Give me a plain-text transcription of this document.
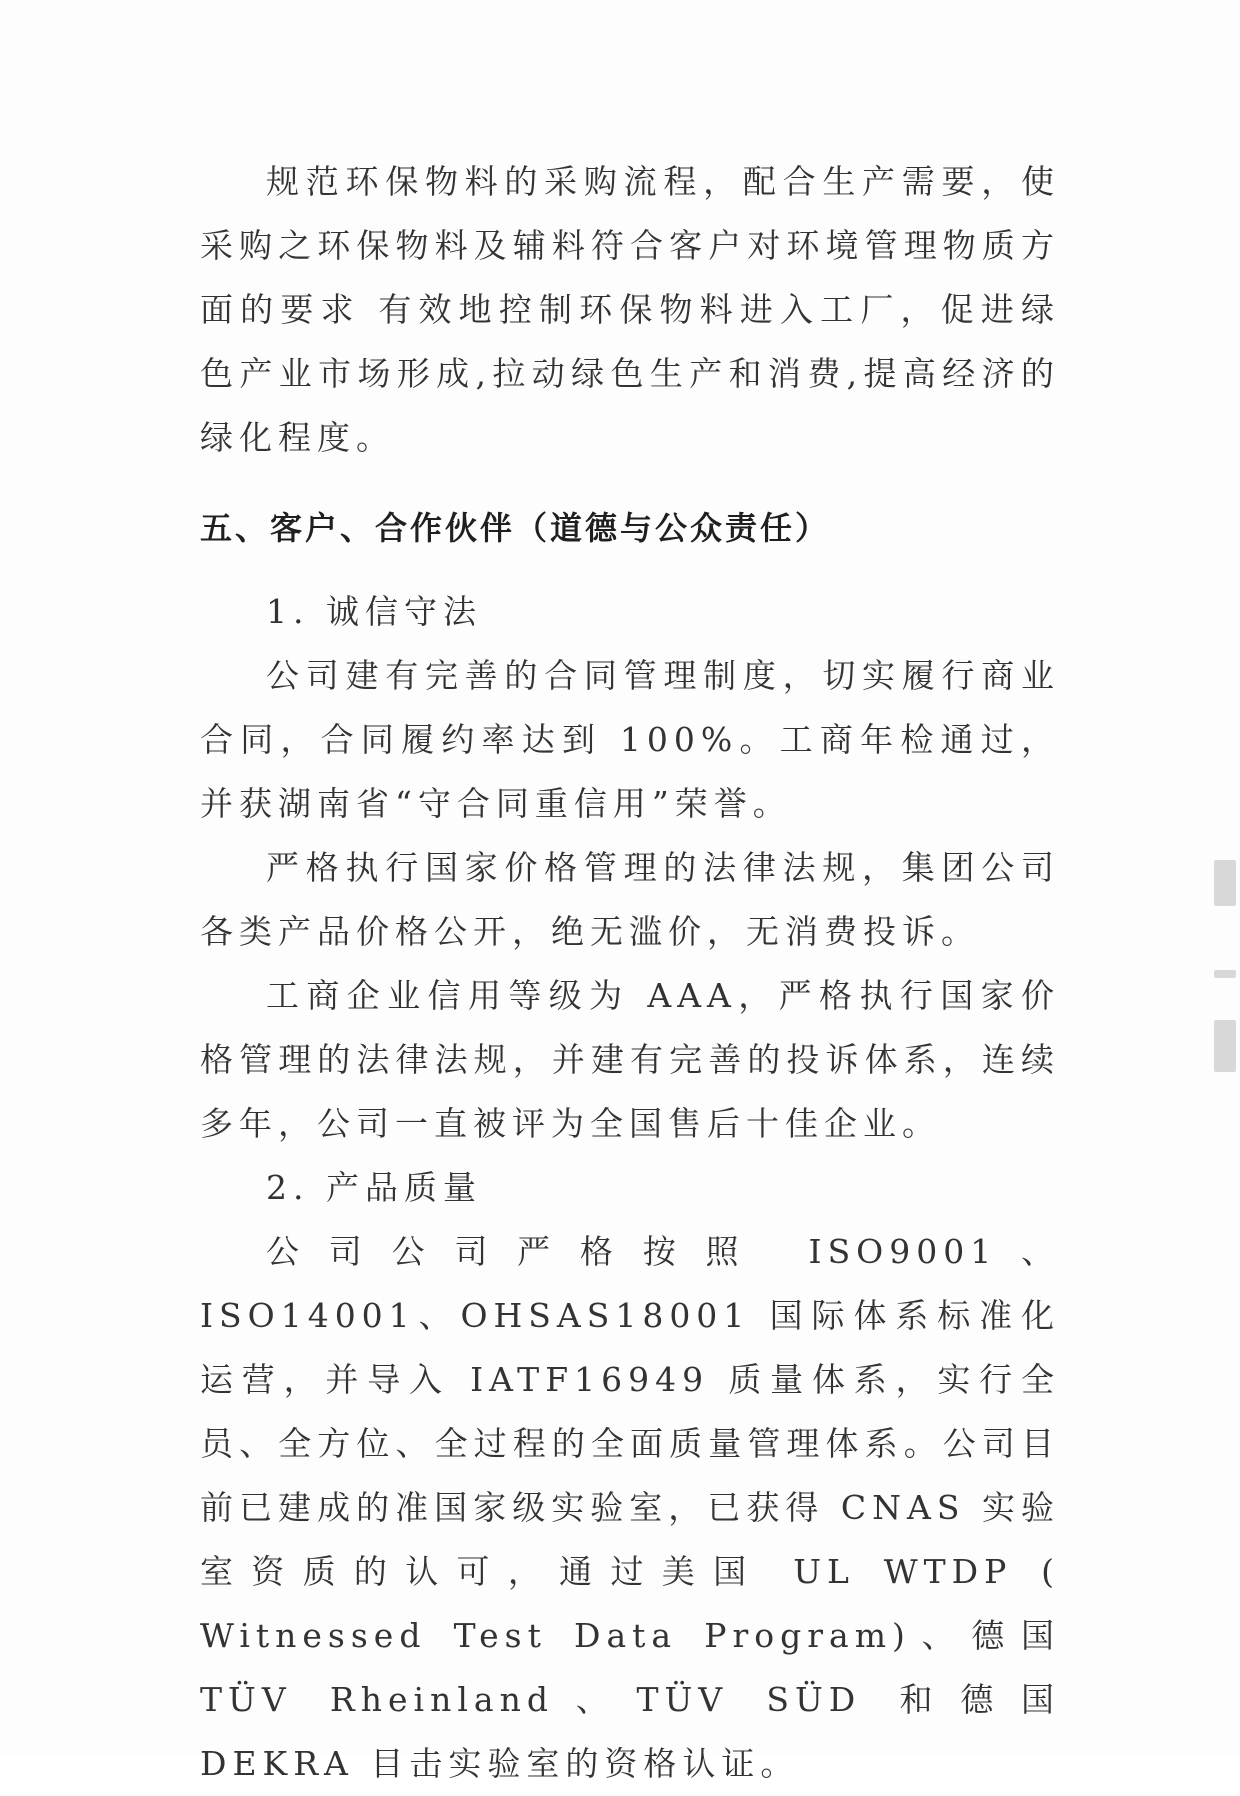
规范环保物料的采购流程，配合生产需要，使采购之环保物料及辅料符合客户对环境管理物质方面的要求 有效地控制环保物料进入工厂，促进绿色产业市场形成,拉动绿色生产和消费,提高经济的绿化程度。

五、客户、合作伙伴（道德与公众责任）

1. 诚信守法

公司建有完善的合同管理制度，切实履行商业合同，合同履约率达到 100%。工商年检通过，并获湖南省“守合同重信用”荣誉。

严格执行国家价格管理的法律法规，集团公司各类产品价格公开，绝无滥价，无消费投诉。

工商企业信用等级为 AAA，严格执行国家价格管理的法律法规，并建有完善的投诉体系，连续多年，公司一直被评为全国售后十佳企业。

2. 产品质量

公司公司严格按照 ISO9001、ISO14001、OHSAS18001 国际体系标准化运营，并导入 IATF16949 质量体系，实行全员、全方位、全过程的全面质量管理体系。公司目前已建成的准国家级实验室，已获得 CNAS 实验室资质的认可，通过美国 UL WTDP ( Witnessed Test Data Program)、德国 TÜV Rheinland、TÜV SÜD 和德国 DEKRA 目击实验室的资格认证。
